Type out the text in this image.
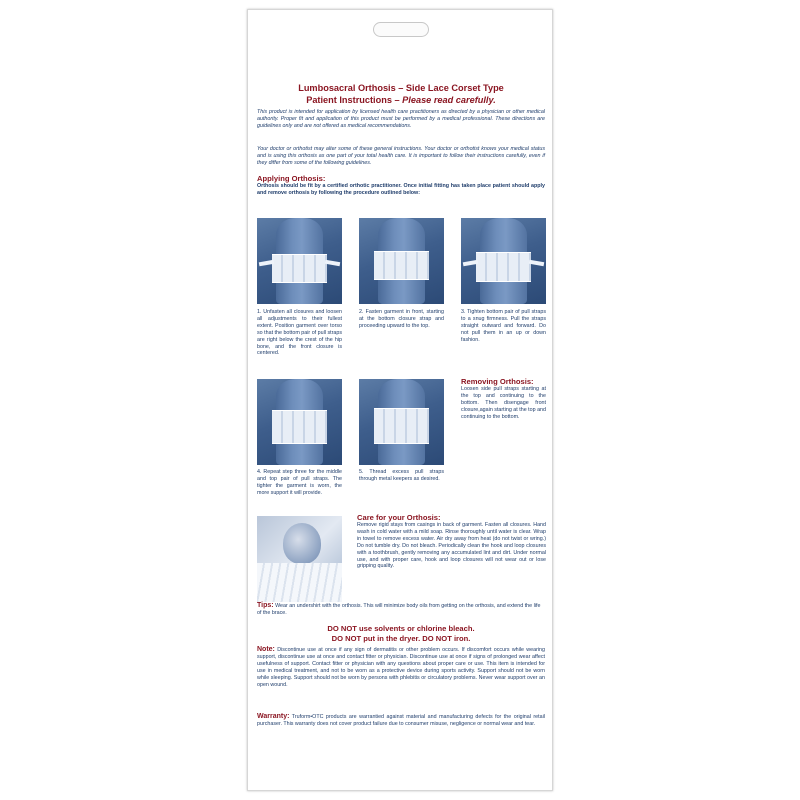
Lumbosacral Orthosis – Side Lace Corset Type
Patient Instructions – Please read carefully.
This product is intended for application by licensed health care practitioners as directed by a physician or other medical authority. Proper fit and application of this product must be performed by a medical professional. These directions are guidelines only and are not offered as medical recommendations.
Your doctor or orthotist may alter some of these general instructions. Your doctor or orthotist knows your medical status and is using this orthosis as one part of your total health care. It is important to follow their instructions carefully, even if they differ from some of the following guidelines.
Applying Orthosis:
Orthosis should be fit by a certified orthotic practitioner. Once initial fitting has taken place patient should apply and remove orthosis by following the procedure outlined below:
1. Unfasten all closures and loosen all adjustments to their fullest extent. Position garment over torso so that the bottom pair of pull straps are right below the crest of the hip bone, and the front closure is centered.
2. Fasten garment in front, starting at the bottom closure strap and proceeding upward to the top.
3. Tighten bottom pair of pull straps to a snug firmness. Pull the straps straight outward and forward. Do not pull them in an up or down fashion.
Removing Orthosis:
Loosen side pull straps starting at the top and continuing to the bottom. Then disengage front closure,again starting at the top and continuing to the bottom.
4. Repeat step three for the middle and top pair of pull straps. The tighter the garment is worn, the more support it will provide.
5. Thread excess pull straps through metal keepers as desired.
Care for your Orthosis:
Remove rigid stays from casings in back of garment. Fasten all closures. Hand wash in cold water with a mild soap. Rinse thoroughly until water is clear. Wrap in towel to remove excess water. Air dry away from heat (do not twist or wring.) Do not tumble dry. Do not bleach. Periodically clean the hook and loop closures with a toothbrush, gently removing any accumulated lint and dirt. Under normal use, and with proper care, hook and loop closures will not wear out or lose gripping quality.
Tips: Wear an undershirt with the orthosis. This will minimize body oils from getting on the orthosis, and extend the life of the brace.
DO NOT use solvents or chlorine bleach.
DO NOT put in the dryer. DO NOT iron.
Note: Discontinue use at once if any sign of dermatitis or other problem occurs. If discomfort occurs while wearing support, discontinue use at once and contact fitter or physician. Discontinue use at once if signs of prolonged wear affect usefulness of support. Contact fitter or physician with any questions about proper care or use. This item is intended for use in medical treatment, and not to be worn as a protective device during sports activity. Support should not be worn while sleeping. Support should not be worn by persons with phlebitis or circulatory problems. Never wear support over an open wound.
Warranty: Truform•OTC products are warrantied against material and manufacturing defects for the original retail purchaser. This warranty does not cover product failure due to consumer misuse, negligence or normal wear and tear.
